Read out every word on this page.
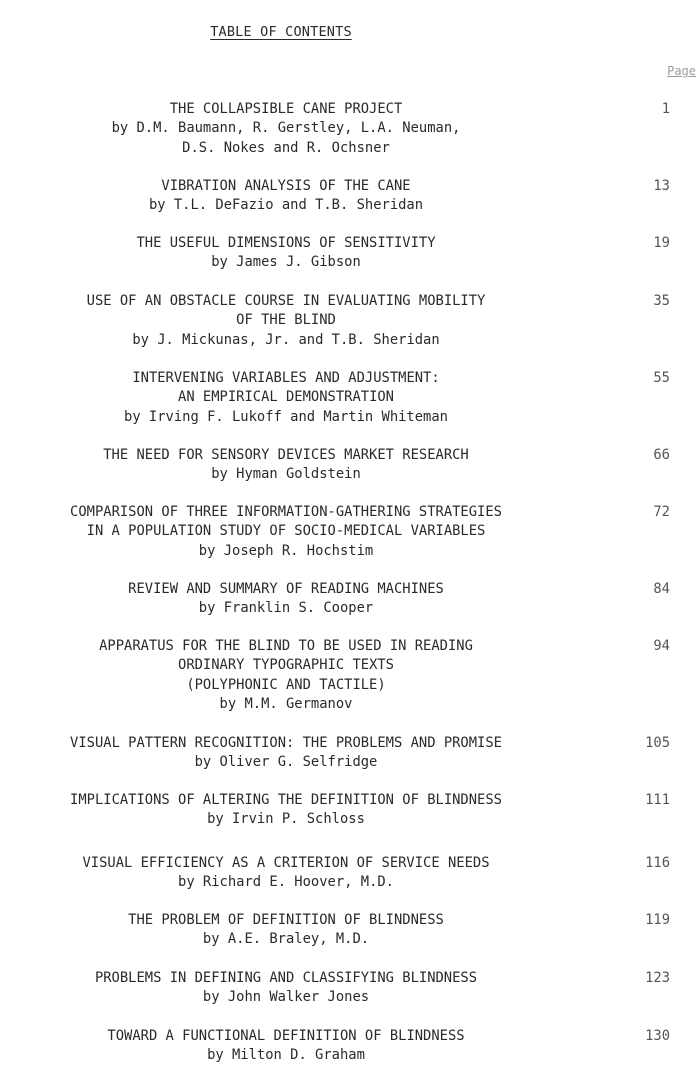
TABLE OF CONTENTS
Page
THE COLLAPSIBLE CANE PROJECT
by D.M. Baumann, R. Gerstley, L.A. Neuman,
D.S. Nokes and R. Ochsner
1
VIBRATION ANALYSIS OF THE CANE
by T.L. DeFazio and T.B. Sheridan
13
THE USEFUL DIMENSIONS OF SENSITIVITY
by James J. Gibson
19
USE OF AN OBSTACLE COURSE IN EVALUATING MOBILITY
OF THE BLIND
by J. Mickunas, Jr. and T.B. Sheridan
35
INTERVENING VARIABLES AND ADJUSTMENT:
AN EMPIRICAL DEMONSTRATION
by Irving F. Lukoff and Martin Whiteman
55
THE NEED FOR SENSORY DEVICES MARKET RESEARCH
by Hyman Goldstein
66
COMPARISON OF THREE INFORMATION-GATHERING STRATEGIES
IN A POPULATION STUDY OF SOCIO-MEDICAL VARIABLES
by Joseph R. Hochstim
72
REVIEW AND SUMMARY OF READING MACHINES
by Franklin S. Cooper
84
APPARATUS FOR THE BLIND TO BE USED IN READING
ORDINARY TYPOGRAPHIC TEXTS
(POLYPHONIC AND TACTILE)
by M.M. Germanov
94
VISUAL PATTERN RECOGNITION: THE PROBLEMS AND PROMISE
by Oliver G. Selfridge
105
IMPLICATIONS OF ALTERING THE DEFINITION OF BLINDNESS
by Irvin P. Schloss
111
VISUAL EFFICIENCY AS A CRITERION OF SERVICE NEEDS
by Richard E. Hoover, M.D.
116
THE PROBLEM OF DEFINITION OF BLINDNESS
by A.E. Braley, M.D.
119
PROBLEMS IN DEFINING AND CLASSIFYING BLINDNESS
by John Walker Jones
123
TOWARD A FUNCTIONAL DEFINITION OF BLINDNESS
by Milton D. Graham
130
